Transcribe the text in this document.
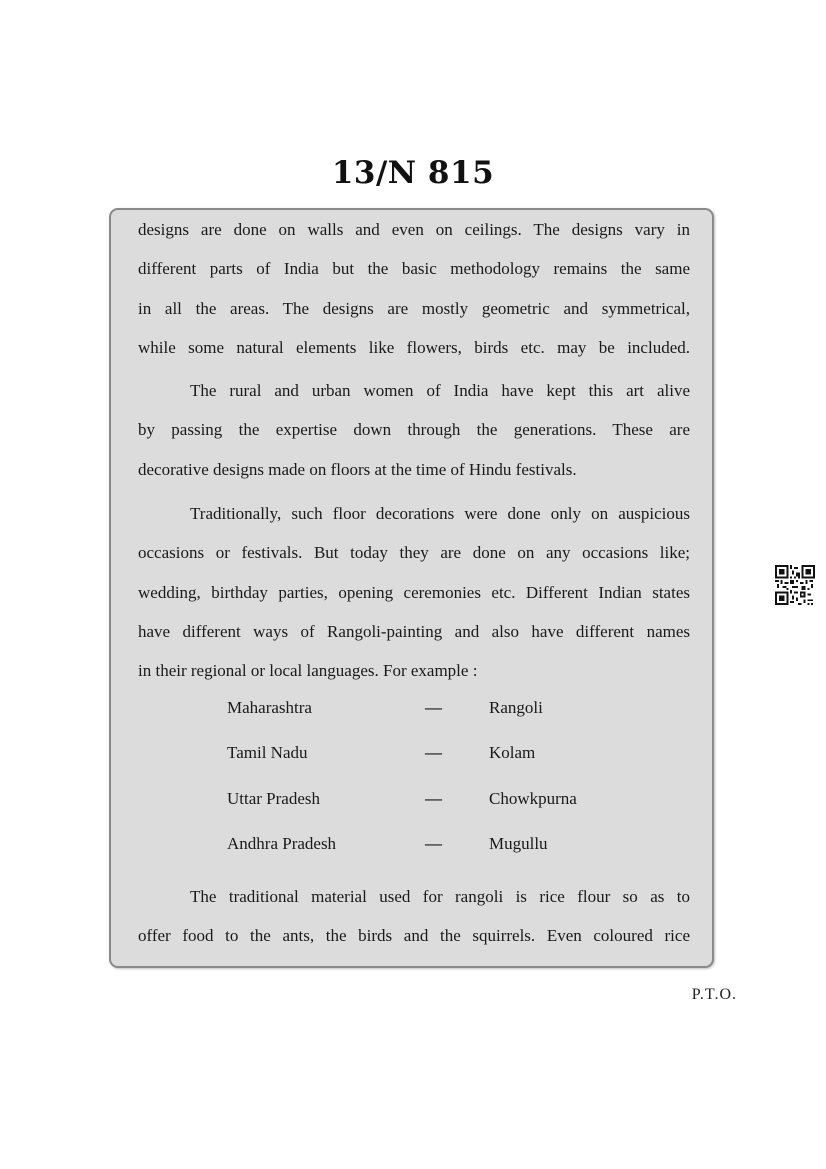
13/N 815

designs are done on walls and even on ceilings. The designs vary in
different parts of India but the basic methodology remains the same
in all the areas. The designs are mostly geometric and symmetrical,
while some natural elements like flowers, birds etc. may be included.

The rural and urban women of India have kept this art alive
by passing the expertise down through the generations. These are
decorative designs made on floors at the time of Hindu festivals.

Traditionally, such floor decorations were done only on auspicious
occasions or festivals. But today they are done on any occasions like;
wedding, birthday parties, opening ceremonies etc. Different Indian states
have different ways of Rangoli-painting and also have different names
in their regional or local languages. For example :

Maharashtra	—	Rangoli
Tamil Nadu	—	Kolam
Uttar Pradesh	—	Chowkpurna
Andhra Pradesh	—	Mugullu

The traditional material used for rangoli is rice flour so as to
offer food to the ants, the birds and the squirrels. Even coloured rice

P.T.O.
